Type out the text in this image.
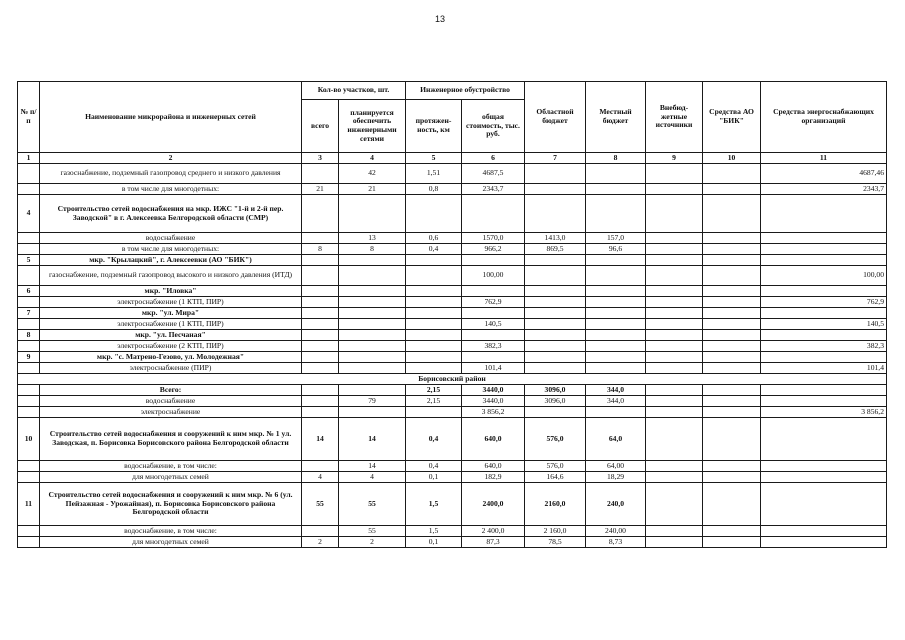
13
№ п/п	Наименование микрорайона и инженерных сетей	Кол-во участков, шт.		Инженерное обустройство		Областной бюджет	Местный бюджет	Внебюд-жетные источники	Средства АО "БИК"	Средства энергоснабжающих организаций
		всего	планируется обеспечить инженерными сетями	протяжен-ность, км	общая стоимость, тыс. руб.					
1	2	3	4	5	6	7	8	9	10	11
	газоснабжение, подземный газопровод среднего и низкого давления		42	1,51	4687,5					4687,46
	в том числе для многодетных:	21	21	0,8	2343,7					2343,7
4	Строительство сетей водоснабжения на мкр. ИЖС "1-й и 2-й пер. Заводской" в г. Алексеевка Белгородской области (СМР)									
	водоснабжение		13	0,6	1570,0	1413,0	157,0			
	в том числе для многодетных:	8	8	0,4	966,2	869,5	96,6			
5	мкр. "Крылацкий", г. Алексеевки (АО "БИК")									
	газоснабжение, подземный газопровод высокого и низкого давления (ИТД)				100,00					100,00
6	мкр. "Иловка"									
	электроснабжение (1 КТП, ПИР)				762,9					762,9
7	мкр. "ул. Мира"									
	электроснабжение (1 КТП, ПИР)				140,5					140,5
8	мкр. "ул. Песчаная"									
	электроснабжение (2 КТП, ПИР)				382,3					382,3
9	мкр. "с. Матрено-Гезово, ул. Молодежная"									
	электроснабжение (ПИР)				101,4					101,4
Борисовский район										
	Всего:			2,15	3440,0	3096,0	344,0			
	водоснабжение		79	2,15	3440,0	3096,0	344,0			
	электроснабжение				3 856,2					3 856,2
10	Строительство сетей водоснабжения и сооружений к ним мкр. № 1 ул. Заводская, п. Борисовка Борисовского района Белгородской области	14	14	0,4	640,0	576,0	64,0			
	водоснабжение, в том числе:		14	0,4	640,0	576,0	64,00			
	для многодетных семей	4	4	0,1	182,9	164,6	18,29			
11	Строительство сетей водоснабжения и сооружений к ним мкр. № 6 (ул. Пейзажная - Урожайная), п. Борисовка Борисовского района Белгородской области	55	55	1,5	2400,0	2160,0	240,0			
	водоснабжение, в том числе:		55	1,5	2 400,0	2 160,0	240,00			
	для многодетных семей	2	2	0,1	87,3	78,5	8,73			
